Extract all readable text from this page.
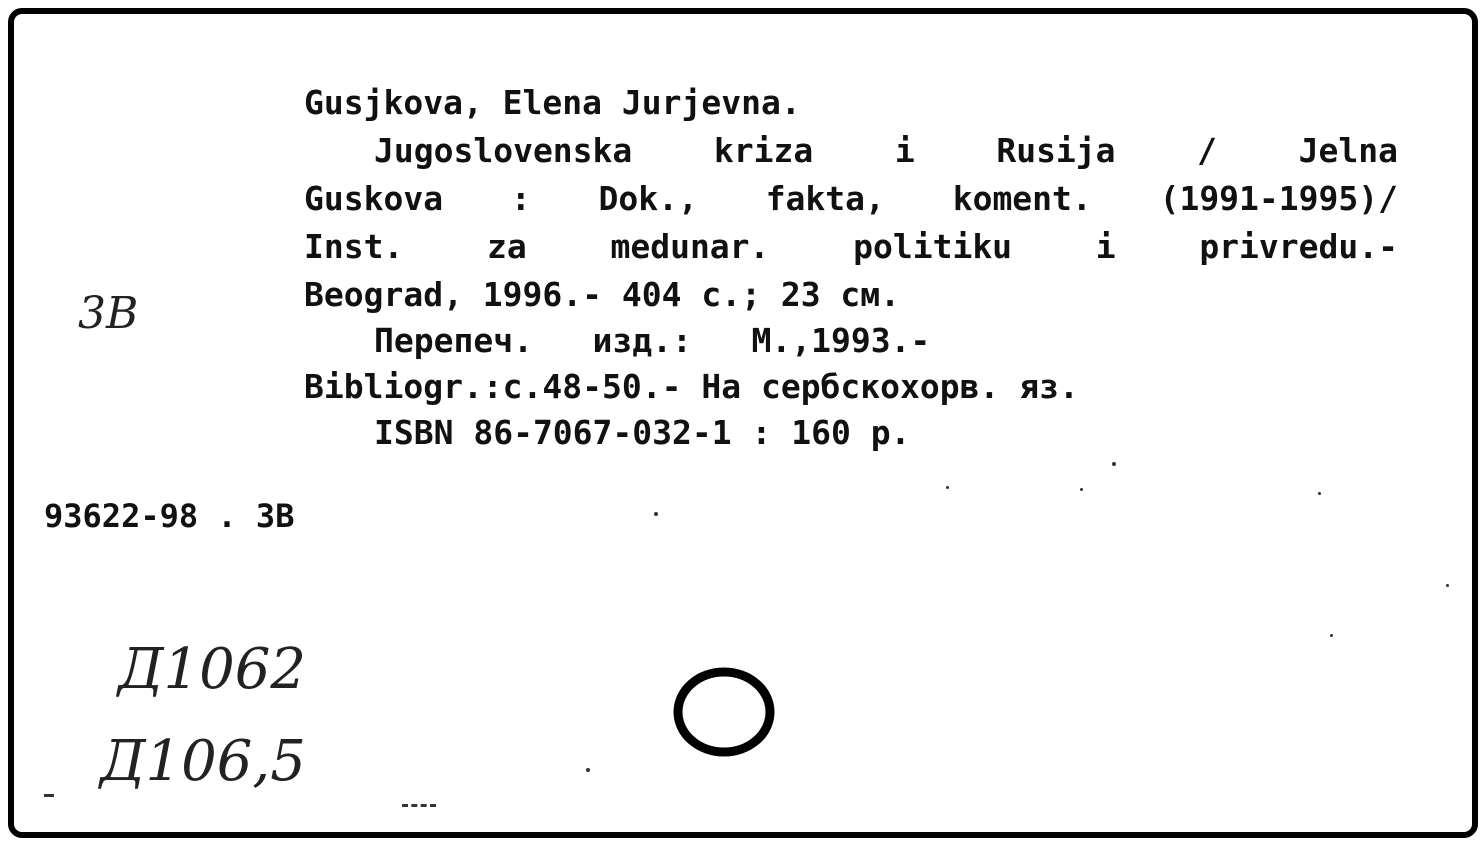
Gusjkova, Elena Jurjevna.
Jugoslovenska kriza i Rusija / Jelna
Guskova : Dok., fakta, koment. (1991-1995)/
Inst.	za	medunar.	politiku	i	privredu.-
Beograd, 1996.- 404 c.; 23 см.
Перепеч.   изд.:   М.,1993.-
Bibliogr.:c.48-50.- На сербскохорв. яз.
ISBN 86-7067-032-1 : 160 р.
3В
93622-98 . 3В
Д1062
Д106,5
